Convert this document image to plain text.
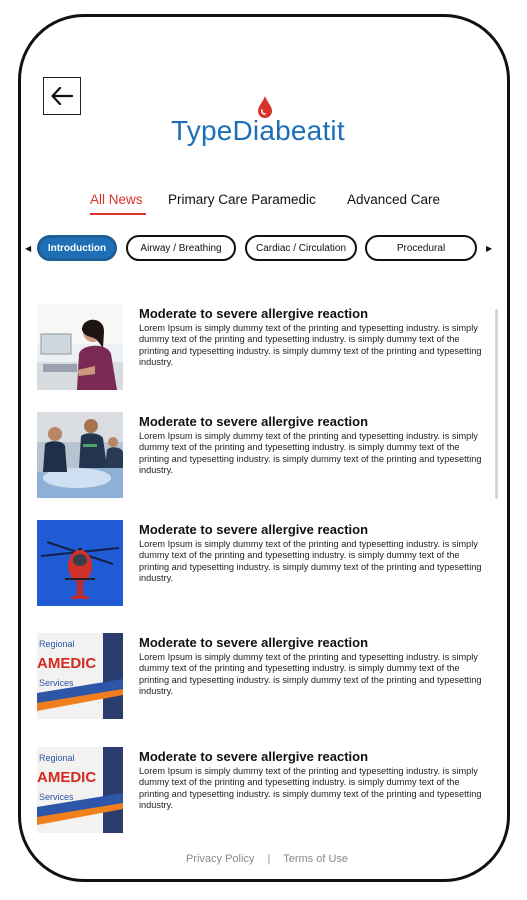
TypeDiabeatit
All News Primary Care Paramedic Advanced Care
◀	Introduction	Airway / Breathing	Cardiac / Circulation	Procedural	▶
Moderate to severe allergive reaction
Lorem Ipsum is simply dummy text of the printing and typesetting industry. is simply dummy text of the printing and typesetting industry. is simply dummy text of the printing and typesetting industry. is simply dummy text of the printing and typesetting industry.
Moderate to severe allergive reaction
Lorem Ipsum is simply dummy text of the printing and typesetting industry. is simply dummy text of the printing and typesetting industry. is simply dummy text of the printing and typesetting industry. is simply dummy text of the printing and typesetting industry.
Moderate to severe allergive reaction
Lorem Ipsum is simply dummy text of the printing and typesetting industry. is simply dummy text of the printing and typesetting industry. is simply dummy text of the printing and typesetting industry. is simply dummy text of the printing and typesetting industry.
Regional
AMEDIC
Services
Moderate to severe allergive reaction
Lorem Ipsum is simply dummy text of the printing and typesetting industry. is simply dummy text of the printing and typesetting industry. is simply dummy text of the printing and typesetting industry. is simply dummy text of the printing and typesetting industry.
Regional
AMEDIC
Services
Moderate to severe allergive reaction
Lorem Ipsum is simply dummy text of the printing and typesetting industry. is simply dummy text of the printing and typesetting industry. is simply dummy text of the printing and typesetting industry. is simply dummy text of the printing and typesetting industry.
Privacy Policy | Terms of Use
